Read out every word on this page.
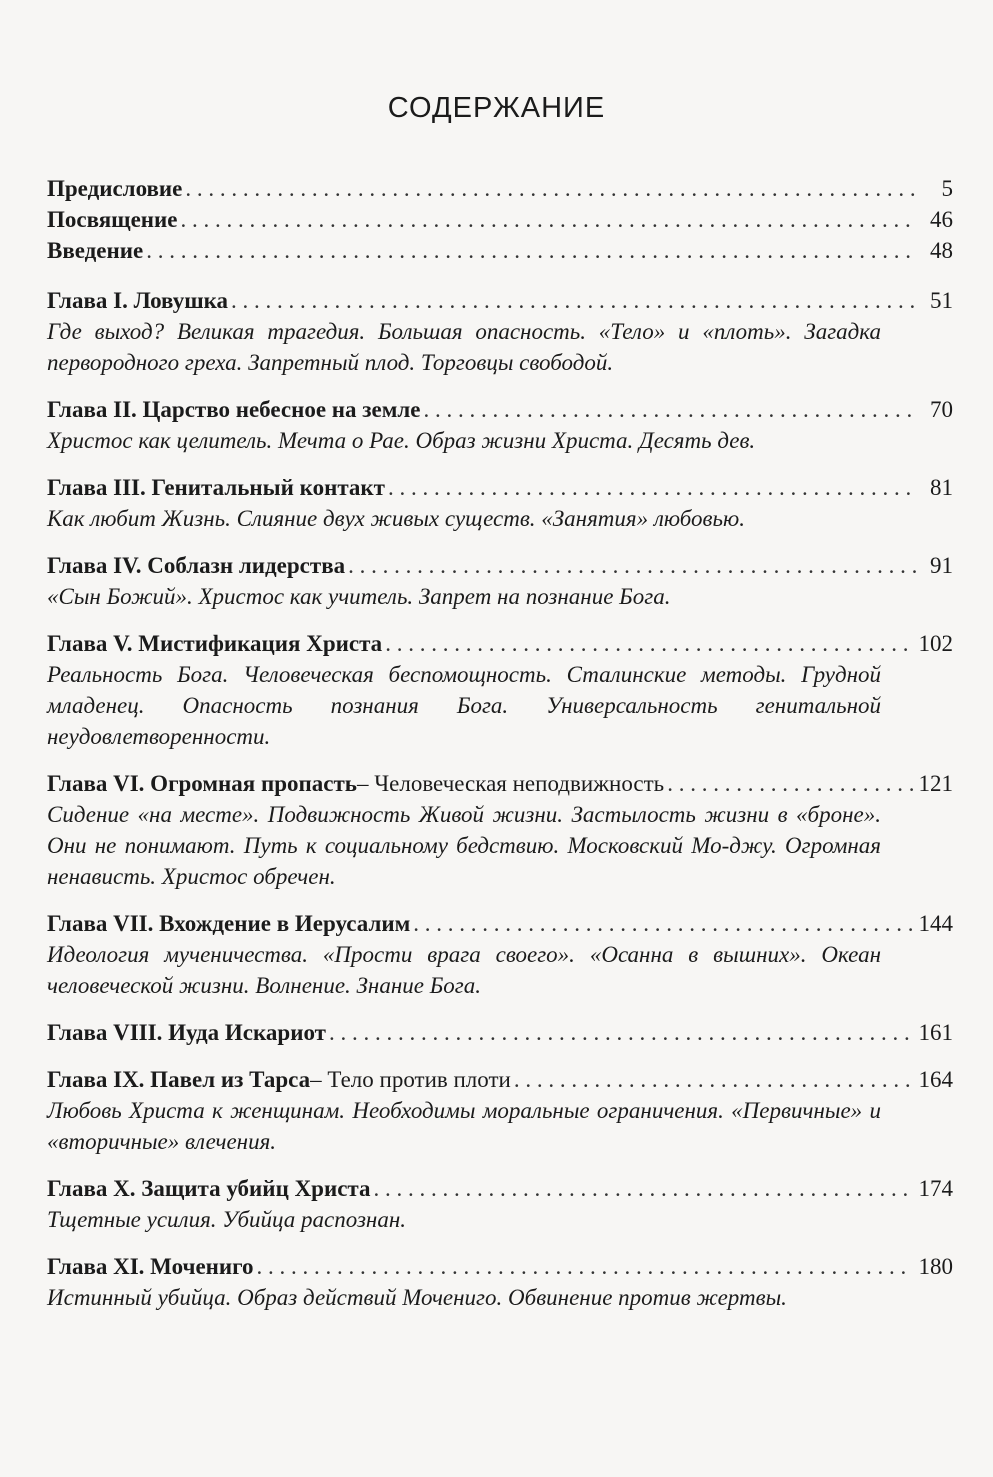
СОДЕРЖАНИЕ
Предисловие . . .	5
Посвящение . . .	46
Введение . . .	48
Глава I. Ловушка . . .	51
Где выход? Великая трагедия. Большая опасность. «Тело» и «плоть». Загадка первородного греха. Запретный плод. Торговцы свободой.
Глава II. Царство небесное на земле . . .	70
Христос как целитель. Мечта о Рае. Образ жизни Христа. Десять дев.
Глава III. Генитальный контакт . . .	81
Как любит Жизнь. Слияние двух живых существ. «Занятия» любовью.
Глава IV. Соблазн лидерства . . .	91
«Сын Божий». Христос как учитель. Запрет на познание Бога.
Глава V. Мистификация Христа . . .	102
Реальность Бога. Человеческая беспомощность. Сталинские методы. Грудной младенец. Опасность познания Бога. Универсальность генитальной неудовлетворенности.
Глава VI. Огромная пропасть – Человеческая неподвижность . . .	121
Сидение «на месте». Подвижность Живой жизни. Застылость жизни в «броне». Они не понимают. Путь к социальному бедствию. Московский Мо-джу. Огромная ненависть. Христос обречен.
Глава VII. Вхождение в Иерусалим . . .	144
Идеология мученичества. «Прости врага своего». «Осанна в вышних». Океан человеческой жизни. Волнение. Знание Бога.
Глава VIII. Иуда Искариот . . .	161
Глава IX. Павел из Тарса – Тело против плоти . . .	164
Любовь Христа к женщинам. Необходимы моральные ограничения. «Первичные» и «вторичные» влечения.
Глава X. Защита убийц Христа . . .	174
Тщетные усилия. Убийца распознан.
Глава XI. Мочениго . . .	180
Истинный убийца. Образ действий Мочениго. Обвинение против жертвы.
